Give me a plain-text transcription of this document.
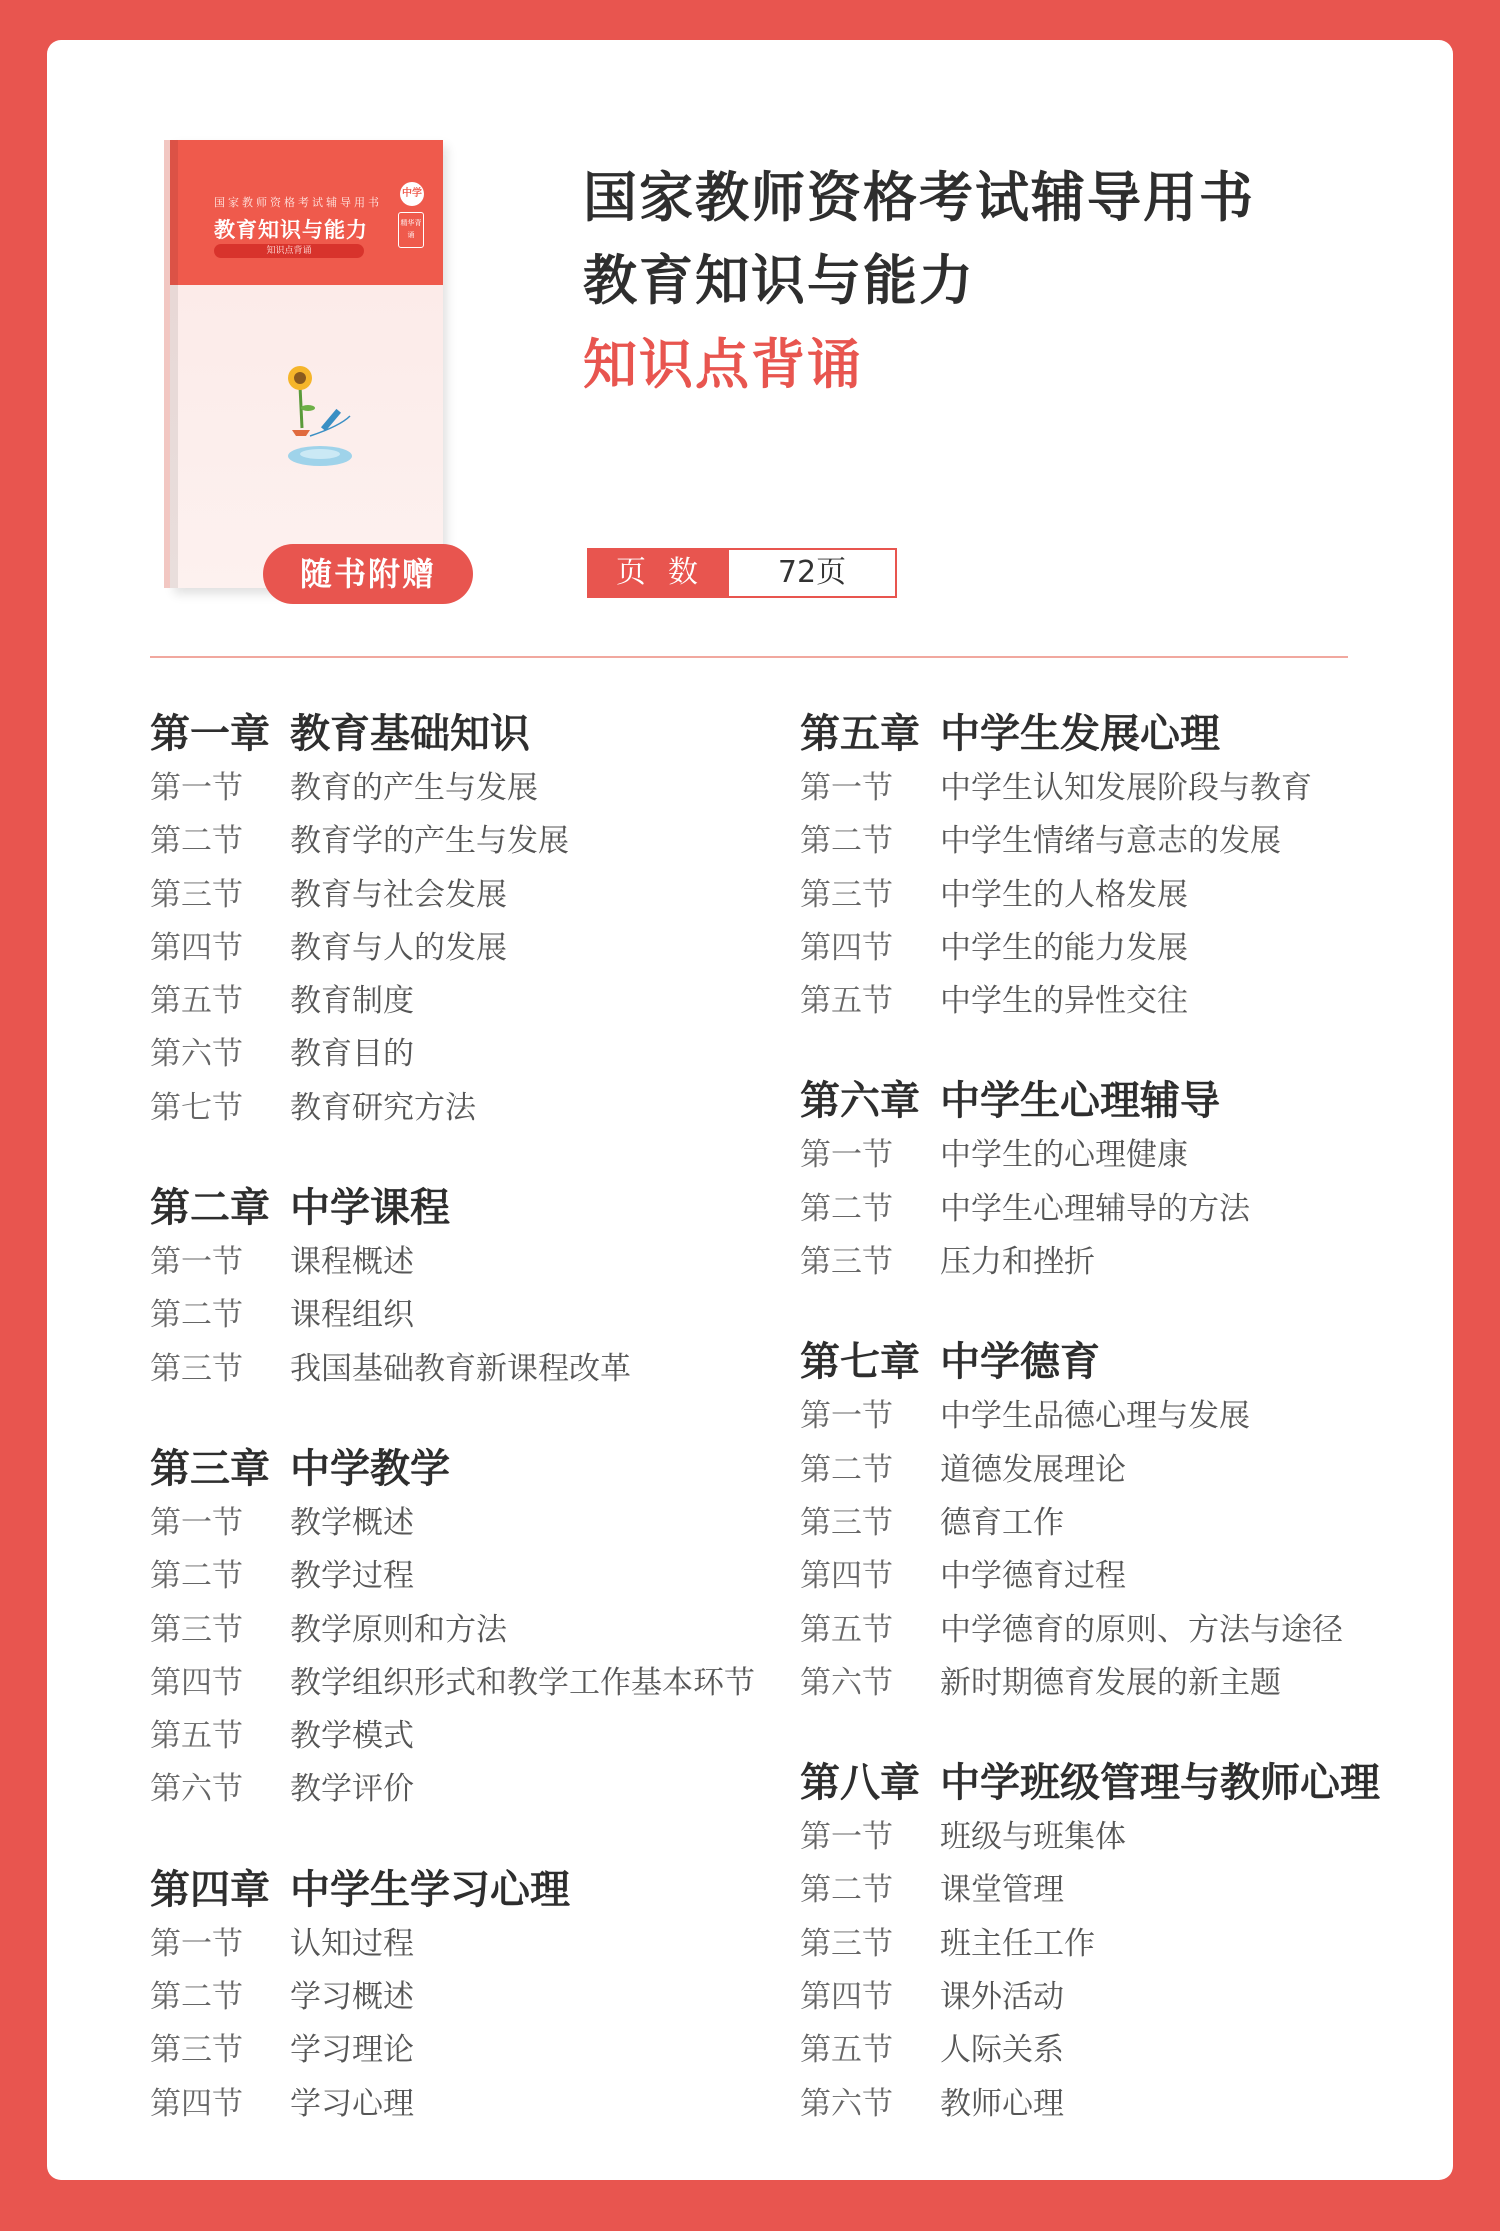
国家教师资格考试辅导用书
教育知识与能力
知识点背诵
中学
精华背诵
随书附赠
国家教师资格考试辅导用书
教育知识与能力
知识点背诵
页数	72页
第一章 教育基础知识
第一节 教育的产生与发展
第二节 教育学的产生与发展
第三节 教育与社会发展
第四节 教育与人的发展
第五节 教育制度
第六节 教育目的
第七节 教育研究方法
第二章 中学课程
第一节 课程概述
第二节 课程组织
第三节 我国基础教育新课程改革
第三章 中学教学
第一节 教学概述
第二节 教学过程
第三节 教学原则和方法
第四节 教学组织形式和教学工作基本环节
第五节 教学模式
第六节 教学评价
第四章 中学生学习心理
第一节 认知过程
第二节 学习概述
第三节 学习理论
第四节 学习心理
第五章 中学生发展心理
第一节 中学生认知发展阶段与教育
第二节 中学生情绪与意志的发展
第三节 中学生的人格发展
第四节 中学生的能力发展
第五节 中学生的异性交往
第六章 中学生心理辅导
第一节 中学生的心理健康
第二节 中学生心理辅导的方法
第三节 压力和挫折
第七章 中学德育
第一节 中学生品德心理与发展
第二节 道德发展理论
第三节 德育工作
第四节 中学德育过程
第五节 中学德育的原则、方法与途径
第六节 新时期德育发展的新主题
第八章 中学班级管理与教师心理
第一节 班级与班集体
第二节 课堂管理
第三节 班主任工作
第四节 课外活动
第五节 人际关系
第六节 教师心理
